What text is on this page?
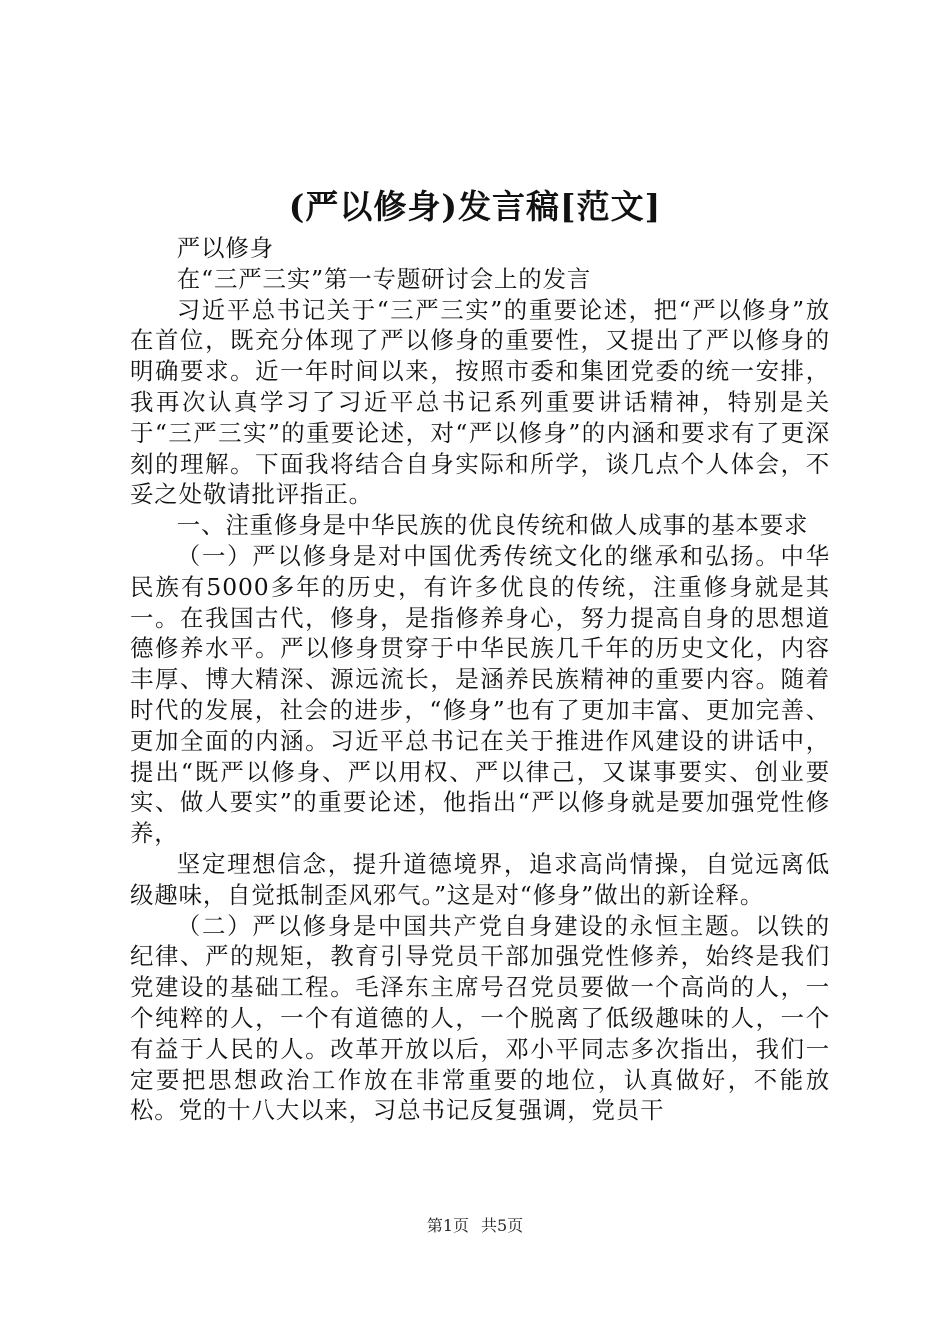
(严以修身)发言稿[范文]

严以修身

在“三严三实”第一专题研讨会上的发言

习近平总书记关于“三严三实”的重要论述，把“严以修身”放在首位，既充分体现了严以修身的重要性，又提出了严以修身的明确要求。近一年时间以来，按照市委和集团党委的统一安排，我再次认真学习了习近平总书记系列重要讲话精神，特别是关于“三严三实”的重要论述，对“严以修身”的内涵和要求有了更深刻的理解。下面我将结合自身实际和所学，谈几点个人体会，不妥之处敬请批评指正。

一、注重修身是中华民族的优良传统和做人成事的基本要求

（一）严以修身是对中国优秀传统文化的继承和弘扬。中华民族有5000多年的历史，有许多优良的传统，注重修身就是其一。在我国古代，修身，是指修养身心，努力提高自身的思想道德修养水平。严以修身贯穿于中华民族几千年的历史文化，内容丰厚、博大精深、源远流长，是涵养民族精神的重要内容。随着时代的发展，社会的进步，“修身”也有了更加丰富、更加完善、更加全面的内涵。习近平总书记在关于推进作风建设的讲话中，提出“既严以修身、严以用权、严以律己，又谋事要实、创业要实、做人要实”的重要论述，他指出“严以修身就是要加强党性修养，

坚定理想信念，提升道德境界，追求高尚情操，自觉远离低级趣味，自觉抵制歪风邪气。”这是对“修身”做出的新诠释。

（二）严以修身是中国共产党自身建设的永恒主题。以铁的纪律、严的规矩，教育引导党员干部加强党性修养，始终是我们党建设的基础工程。毛泽东主席号召党员要做一个高尚的人，一个纯粹的人，一个有道德的人，一个脱离了低级趣味的人，一个有益于人民的人。改革开放以后，邓小平同志多次指出，我们一定要把思想政治工作放在非常重要的地位，认真做好，不能放松。党的十八大以来，习总书记反复强调，党员干

第1页 共5页
